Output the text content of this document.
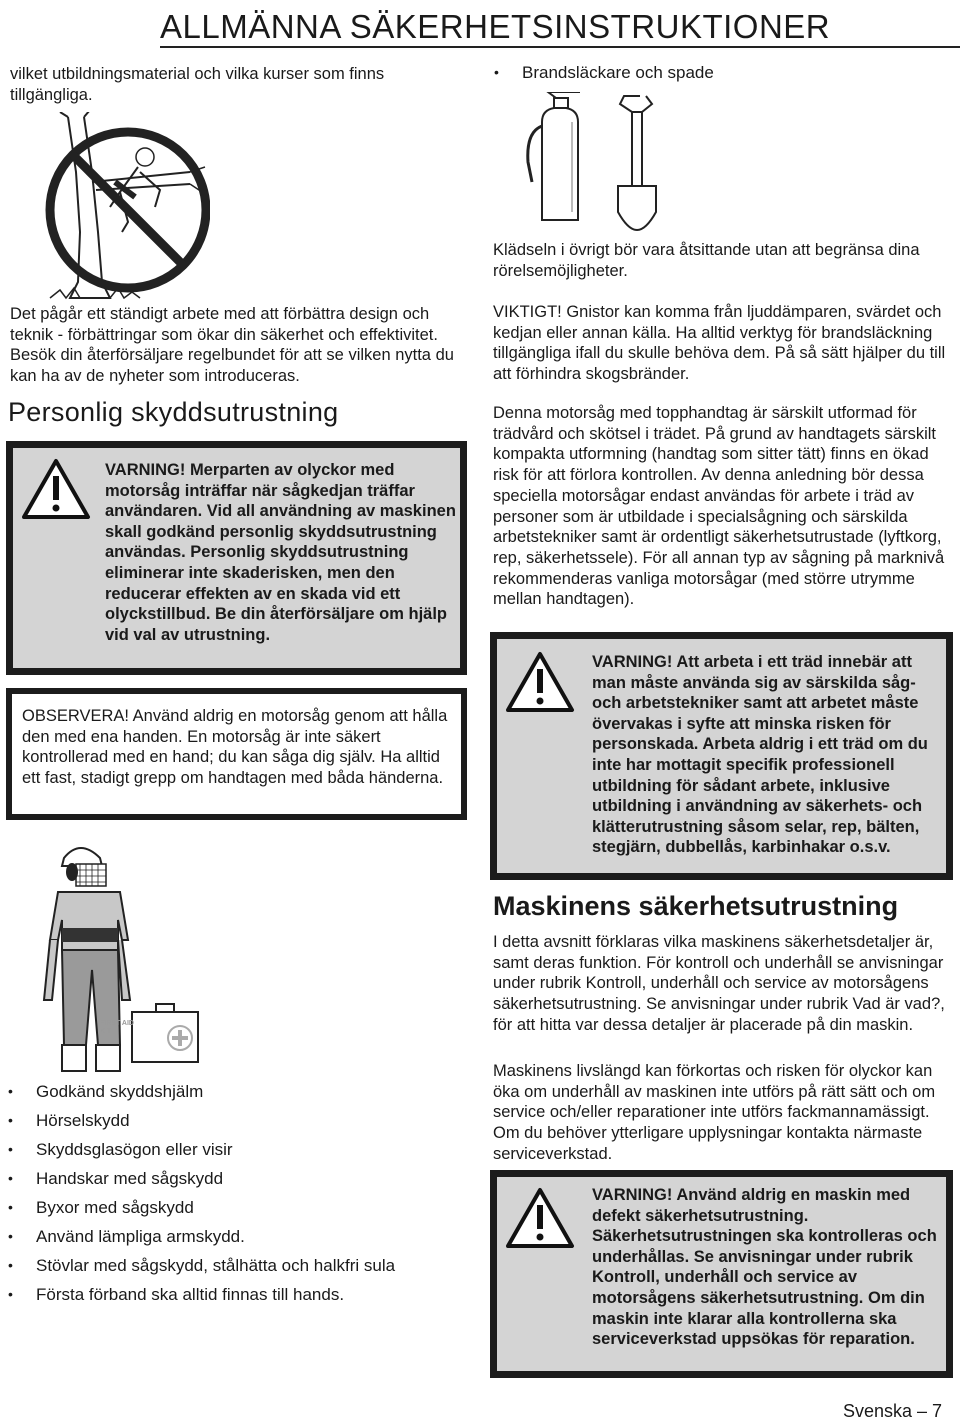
ALLMÄNNA SÄKERHETSINSTRUKTIONER

vilket utbildningsmaterial och vilka kurser som finns tillgängliga.

Det pågår ett ständigt arbete med att förbättra design och teknik - förbättringar som ökar din säkerhet och effektivitet.

Besök din återförsäljare regelbundet för att se vilken nytta du kan ha av de nyheter som introduceras.

Personlig skyddsutrustning
VARNING! Merparten av olyckor med motorsåg inträffar när sågkedjan träffar användaren. Vid all användning av maskinen skall godkänd personlig skyddsutrustning användas. Personlig skyddsutrustning eliminerar inte skaderisken, men den reducerar effekten av en skada vid ett olyckstillbud. Be din återförsäljare om hjälp vid val av utrustning.

OBSERVERA! Använd aldrig en motorsåg genom att hålla den med ena handen. En motorsåg är inte säkert kontrollerad med en hand; du kan såga dig själv. Ha alltid ett fast, stadigt grepp om handtagen med båda händerna.

FIRST AID KIT
• Godkänd skyddshjälm
• Hörselskydd
• Skyddsglasögon eller visir
• Handskar med sågskydd
• Byxor med sågskydd
• Använd lämpliga armskydd.
• Stövlar med sågskydd, stålhätta och halkfri sula
• Första förband ska alltid finnas till hands.
• Brandsläckare och spade

Klädseln i övrigt bör vara åtsittande utan att begränsa dina rörelsemöjligheter.

VIKTIGT! Gnistor kan komma från ljuddämparen, svärdet och kedjan eller annan källa. Ha alltid verktyg för brandsläckning tillgängliga ifall du skulle behöva dem. På så sätt hjälper du till att förhindra skogsbränder.

Denna motorsåg med topphandtag är särskilt utformad för trädvård och skötsel i trädet. På grund av handtagets särskilt kompakta utformning (handtag som sitter tätt) finns en ökad risk för att förlora kontrollen. Av denna anledning bör dessa speciella motorsågar endast användas för arbete i träd av personer som är utbildade i specialsågning och särskilda arbetstekniker samt är ordentligt säkerhetsutrustade (lyftkorg, rep, säkerhetssele). För all annan typ av sågning på marknivå rekommenderas vanliga motorsågar (med större utrymme mellan handtagen).

VARNING! Att arbeta i ett träd innebär att man måste använda sig av särskilda såg- och arbetstekniker samt att arbetet måste övervakas i syfte att minska risken för personskada. Arbeta aldrig i ett träd om du inte har mottagit specifik professionell utbildning för sådant arbete, inklusive utbildning i användning av säkerhets- och klätterutrustning såsom selar, rep, bälten, stegjärn, dubbellås, karbinhakar o.s.v.
Maskinens säkerhetsutrustning

I detta avsnitt förklaras vilka maskinens säkerhetsdetaljer är, samt deras funktion. För kontroll och underhåll se anvisningar under rubrik Kontroll, underhåll och service av motorsågens säkerhetsutrustning. Se anvisningar under rubrik Vad är vad?, för att hitta var dessa detaljer är placerade på din maskin.

Maskinens livslängd kan förkortas och risken för olyckor kan öka om underhåll av maskinen inte utförs på rätt sätt och om service och/eller reparationer inte utförs fackmannamässigt. Om du behöver ytterligare upplysningar kontakta närmaste serviceverkstad.

VARNING! Använd aldrig en maskin med defekt säkerhetsutrustning. Säkerhetsutrustningen ska kontrolleras och underhållas. Se anvisningar under rubrik Kontroll, underhåll och service av motorsågens säkerhetsutrustning. Om din maskin inte klarar alla kontrollerna ska serviceverkstad uppsökas för reparation.
Svenska – 7
